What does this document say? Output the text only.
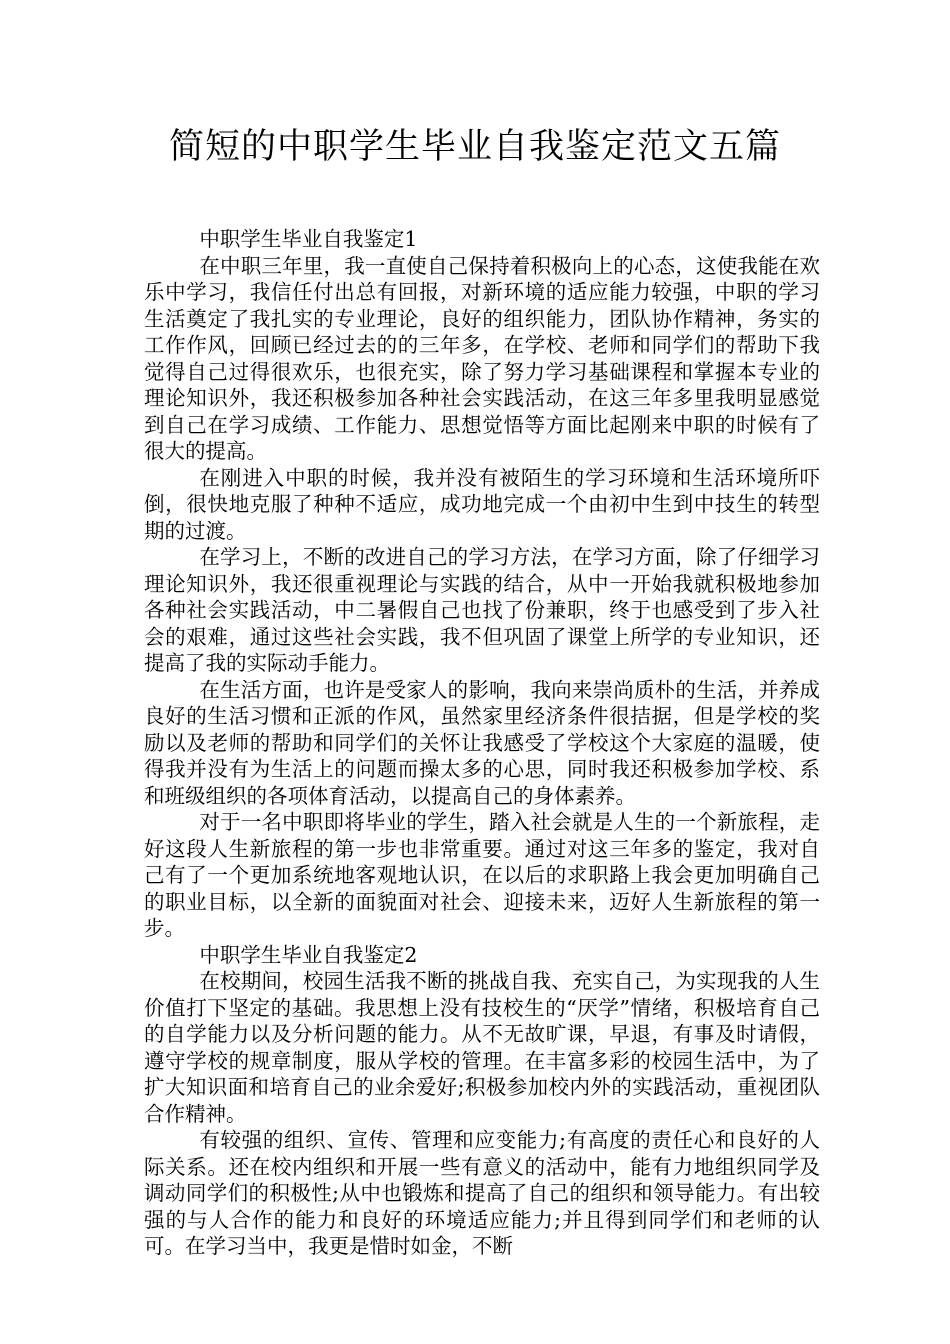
简短的中职学生毕业自我鉴定范文五篇

中职学生毕业自我鉴定1

在中职三年里，我一直使自己保持着积极向上的心态，这使我能在欢乐中学习，我信任付出总有回报，对新环境的适应能力较强，中职的学习生活奠定了我扎实的专业理论，良好的组织能力，团队协作精神，务实的工作作风，回顾已经过去的的三年多，在学校、老师和同学们的帮助下我觉得自己过得很欢乐，也很充实，除了努力学习基础课程和掌握本专业的理论知识外，我还积极参加各种社会实践活动，在这三年多里我明显感觉到自己在学习成绩、工作能力、思想觉悟等方面比起刚来中职的时候有了很大的提高。

在刚进入中职的时候，我并没有被陌生的学习环境和生活环境所吓倒，很快地克服了种种不适应，成功地完成一个由初中生到中技生的转型期的过渡。

在学习上，不断的改进自己的学习方法，在学习方面，除了仔细学习理论知识外，我还很重视理论与实践的结合，从中一开始我就积极地参加各种社会实践活动，中二暑假自己也找了份兼职，终于也感受到了步入社会的艰难，通过这些社会实践，我不但巩固了课堂上所学的专业知识，还提高了我的实际动手能力。

在生活方面，也许是受家人的影响，我向来崇尚质朴的生活，并养成良好的生活习惯和正派的作风，虽然家里经济条件很拮据，但是学校的奖励以及老师的帮助和同学们的关怀让我感受了学校这个大家庭的温暖，使得我并没有为生活上的问题而操太多的心思，同时我还积极参加学校、系和班级组织的各项体育活动，以提高自己的身体素养。

对于一名中职即将毕业的学生，踏入社会就是人生的一个新旅程，走好这段人生新旅程的第一步也非常重要。通过对这三年多的鉴定，我对自己有了一个更加系统地客观地认识，在以后的求职路上我会更加明确自己的职业目标，以全新的面貌面对社会、迎接未来，迈好人生新旅程的第一步。

中职学生毕业自我鉴定2

在校期间，校园生活我不断的挑战自我、充实自己，为实现我的人生价值打下坚定的基础。我思想上没有技校生的“厌学”情绪，积极培育自己的自学能力以及分析问题的能力。从不无故旷课，早退，有事及时请假，遵守学校的规章制度，服从学校的管理。在丰富多彩的校园生活中，为了扩大知识面和培育自己的业余爱好;积极参加校内外的实践活动，重视团队合作精神。

有较强的组织、宣传、管理和应变能力;有高度的责任心和良好的人际关系。还在校内组织和开展一些有意义的活动中，能有力地组织同学及调动同学们的积极性;从中也锻炼和提高了自己的组织和领导能力。有出较强的与人合作的能力和良好的环境适应能力;并且得到同学们和老师的认可。在学习当中，我更是惜时如金，不断
